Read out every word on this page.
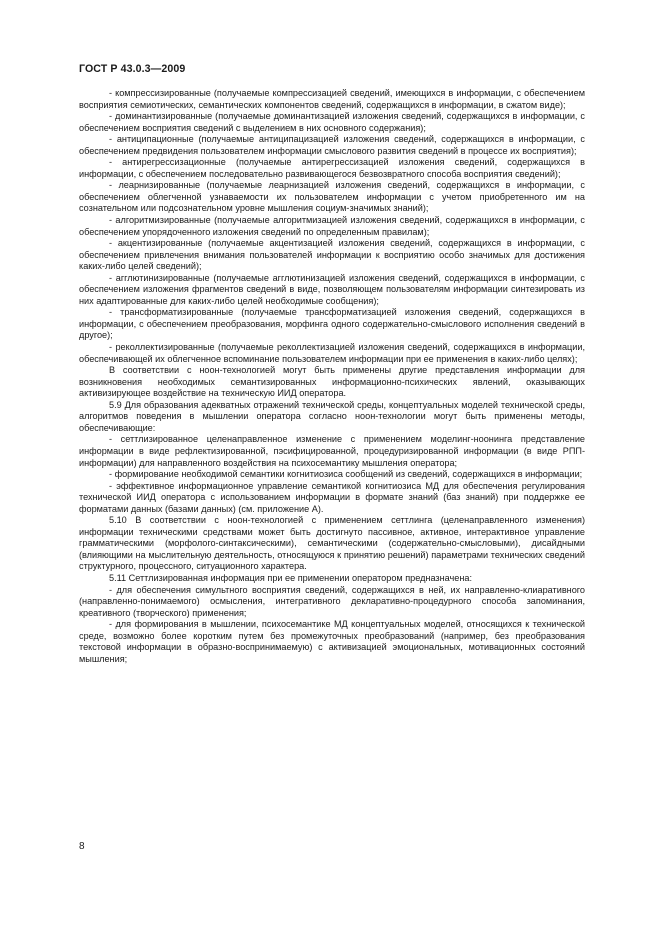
ГОСТ Р 43.0.3—2009

- компрессизированные (получаемые компрессизацией сведений, имеющихся в информации, с обеспечением восприятия семиотических, семантических компонентов сведений, содержащихся в информации, в сжатом виде);

- доминантизированные (получаемые доминантизацией изложения сведений, содержащихся в информации, с обеспечением восприятия сведений с выделением в них основного содержания);

- антиципационные (получаемые антиципацизацией изложения сведений, содержащихся в информации, с обеспечением предвидения пользователем информации смыслового развития сведений в процессе их восприятия);

- антирегрессизационные (получаемые антирегрессизацией изложения сведений, содержащихся в информации, с обеспечением последовательно развивающегося безвозвратного способа восприятия сведений);

- леарнизированные (получаемые леарнизацией изложения сведений, содержащихся в информации, с обеспечением облегченной узнаваемости их пользователем информации с учетом приобретенного им на сознательном или подсознательном уровне мышления социум-значимых знаний);

- алгоритмизированные (получаемые алгоритмизацией изложения сведений, содержащихся в информации, с обеспечением упорядоченного изложения сведений по определенным правилам);

- акцентизированные (получаемые акцентизацией изложения сведений, содержащихся в информации, с обеспечением привлечения внимания пользователей информации к восприятию особо значимых для достижения каких-либо целей сведений);

- агглютинизированные (получаемые агглютинизацией изложения сведений, содержащихся в информации, с обеспечением изложения фрагментов сведений в виде, позволяющем пользователям информации синтезировать из них адаптированные для каких-либо целей необходимые сообщения);

- трансформатизированные (получаемые трансформатизацией изложения сведений, содержащихся в информации, с обеспечением преобразования, морфинга одного содержательно-смыслового исполнения сведений в другое);

- реколлектизированные (получаемые реколлектизацией изложения сведений, содержащихся в информации, обеспечивающей их облегченное вспоминание пользователем информации при ее применения в каких-либо целях);

В соответствии с ноон-технологией могут быть применены другие представления информации для возникновения необходимых семантизированных информационно-психических явлений, оказывающих активизирующее воздействие на техническую ИИД оператора.

5.9 Для образования адекватных отражений технической среды, концептуальных моделей технической среды, алгоритмов поведения в мышлении оператора согласно ноон-технологии могут быть применены методы, обеспечивающие:

- сеттлизированное целенаправленное изменение с применением моделинг-ноонинга представление информации в виде рефлектизированной, пэсифицированной, процедуризированной информации (в виде РПП-информации) для направленного воздействия на психосемантику мышления оператора;

- формирование необходимой семантики когнитиозиса сообщений из сведений, содержащихся в информации;

- эффективное информационное управление семантикой когнитиозиса МД для обеспечения регулирования технической ИИД оператора с использованием информации в формате знаний (баз знаний) при поддержке ее форматами данных (базами данных) (см. приложение А).

5.10 В соответствии с ноон-технологией с применением сеттлинга (целенаправленного изменения) информации техническими средствами может быть достигнуто пассивное, активное, интерактивное управление грамматическими (морфолого-синтаксическими), семантическими (содержательно-смысловыми), дисайдными (влияющими на мыслительную деятельность, относящуюся к принятию решений) параметрами технических сведений структурного, процессного, ситуационного характера.

5.11 Сеттлизированная информация при ее применении оператором предназначена:

- для обеспечения симультного восприятия сведений, содержащихся в ней, их направленно-клиаративного (направленно-понимаемого) осмысления, интегративного декларативно-процедурного способа запоминания, креативного (творческого) применения;

- для формирования в мышлении, психосемантике МД концептуальных моделей, относящихся к технической среде, возможно более коротким путем без промежуточных преобразований (например, без преобразования текстовой информации в образно-воспринимаемую) с активизацией эмоциональных, мотивационных состояний мышления;

8
